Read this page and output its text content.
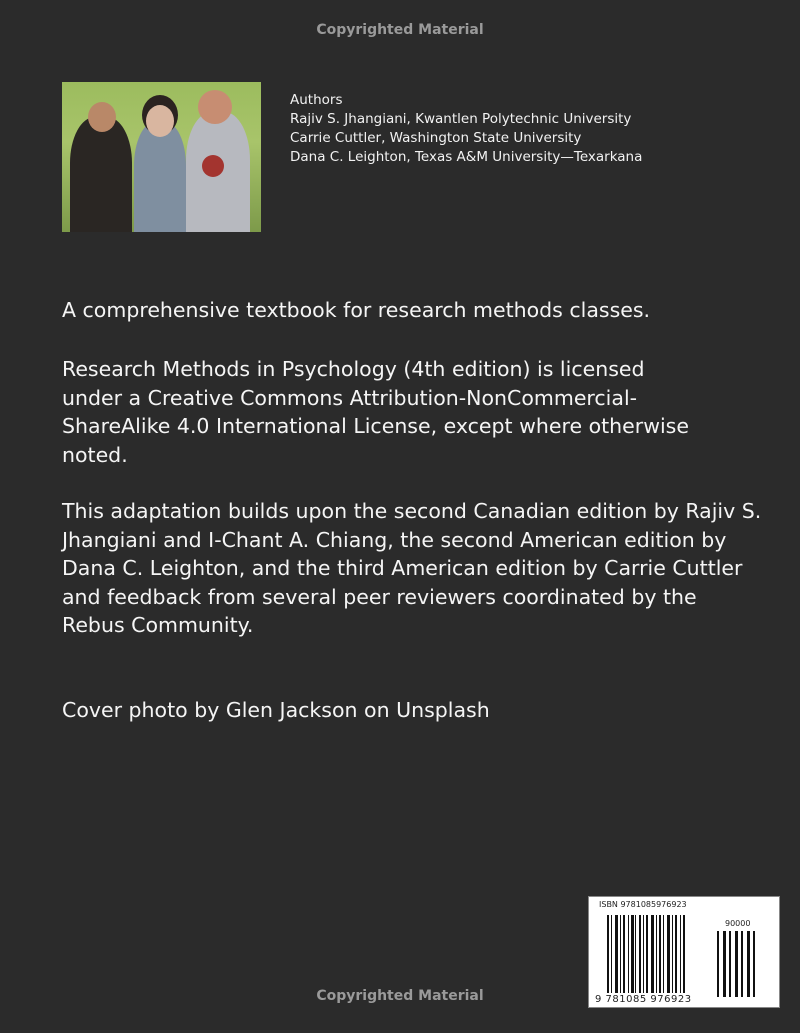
Copyrighted Material
Authors
Rajiv S. Jhangiani, Kwantlen Polytechnic University
Carrie Cuttler, Washington State University
Dana C. Leighton, Texas A&M University—Texarkana
A comprehensive textbook for research methods classes.
Research Methods in Psychology (4th edition) is licensed under a Creative Commons Attribution-NonCommercial-ShareAlike 4.0 International License, except where otherwise noted.
This adaptation builds upon the second Canadian edition by Rajiv S. Jhangiani and I-Chant A. Chiang, the second American edition by Dana C. Leighton, and the third American edition by Carrie Cuttler and feedback from several peer reviewers coordinated by the Rebus Community.
Cover photo by Glen Jackson on Unsplash
ISBN 9781085976923
90000
9 781085 976923
Copyrighted Material
